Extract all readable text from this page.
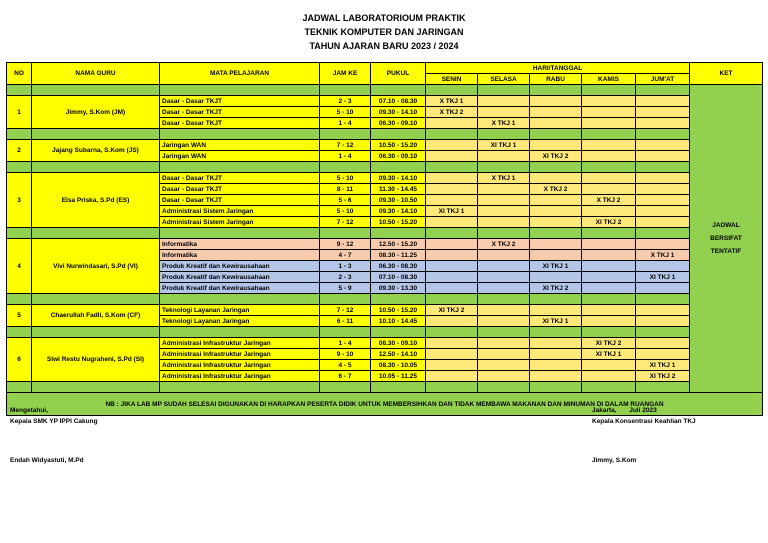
JADWAL LABORATORIOUM PRAKTIK
TEKNIK KOMPUTER DAN JARINGAN
TAHUN AJARAN BARU 2023 / 2024
NO	NAMA GURU	MATA PELAJARAN	JAM KE	PUKUL	HARI/TANGGAL					KET
					SENIN	SELASA	RABU	KAMIS	JUM'AT	

										JADWAL
BERSIFAT
TENTATIF

1	Jimmy, S.Kom (JM)	Dasar - Dasar TKJT	2 - 3	07.10 - 08.30	X TKJ 1					
		Dasar - Dasar TKJT	5 - 10	09.30 - 14.10	X TKJ 2					
		Dasar - Dasar TKJT	1 - 4	06.30 - 09.10		X TKJ 1				

2	Jajang Subarna, S.Kom (JS)	Jaringan WAN	7 - 12	10.50 - 15.20		XI TKJ 1				
		Jaringan WAN	1 - 4	06.30 - 09.10			XI TKJ 2			

3	Elsa Priska, S.Pd (ES)	Dasar - Dasar TKJT	5 - 10	09.30 - 14.10		X TKJ 1				
		Dasar - Dasar TKJT	8 - 11	11.30 - 14.45			X TKJ 2			
		Dasar - Dasar TKJT	5 - 6	09.30 - 10.50				X TKJ 2		
		Administrasi Sistem Jaringan	5 - 10	09.30 - 14.10	XI TKJ 1					
		Administrasi Sistem Jaringan	7 - 12	10.50 - 15.20				XI TKJ 2		

4	Vivi Nurwindasari, S.Pd (VI)	Informatika	9 - 12	12.50 - 15.20		X TKJ 2				
		Informatika	4 - 7	08.30 - 11.25					X TKJ 1	
		Produk Kreatif dan Kewirausahaan	1 - 3	06.30 - 08.30			XI TKJ 1			
		Produk Kreatif dan Kewirausahaan	2 - 3	07.10 - 08.30					XI TKJ 1	
		Produk Kreatif dan Kewirausahaan	5 - 9	09.30 - 13.30			XI TKJ 2			

5	Chaerullah Fadli, S.Kom (CF)	Teknologi Layanan Jaringan	7 - 12	10.50 - 15.20	XI TKJ 2					
		Teknologi Layanan Jaringan	6 - 11	10.10 - 14.45			XI TKJ 1			

6	Siwi Restu Nugraheni, S.Pd (SI)	Administrasi Infrastruktur Jaringan	1 - 4	06.30 - 09.10				XI TKJ 2		
		Administrasi Infrastruktur Jaringan	9 - 10	12.50 - 14.10				XI TKJ 1		
		Administrasi Infrastruktur Jaringan	4 - 5	08.30 - 10.05					XI TKJ 1	
		Administrasi Infrastruktur Jaringan	6 - 7	10.05 - 11.25					XI TKJ 2	

NB : JIKA LAB MP SUDAH SELESAI DIGUNAKAN DI HARAPKAN PESERTA DIDIK UNTUK MEMBERSIHKAN DAN TIDAK MEMBAWA MAKANAN DAN MINUMAN DI DALAM RUANGAN										
Mengetahui,
Kepala SMK YP IPPI Cakung
Endah Widyastuti, M.Pd
Jakarta,       Juli 2023
Kepala Konsentrasi Keahlian TKJ
Jimmy, S.Kom
